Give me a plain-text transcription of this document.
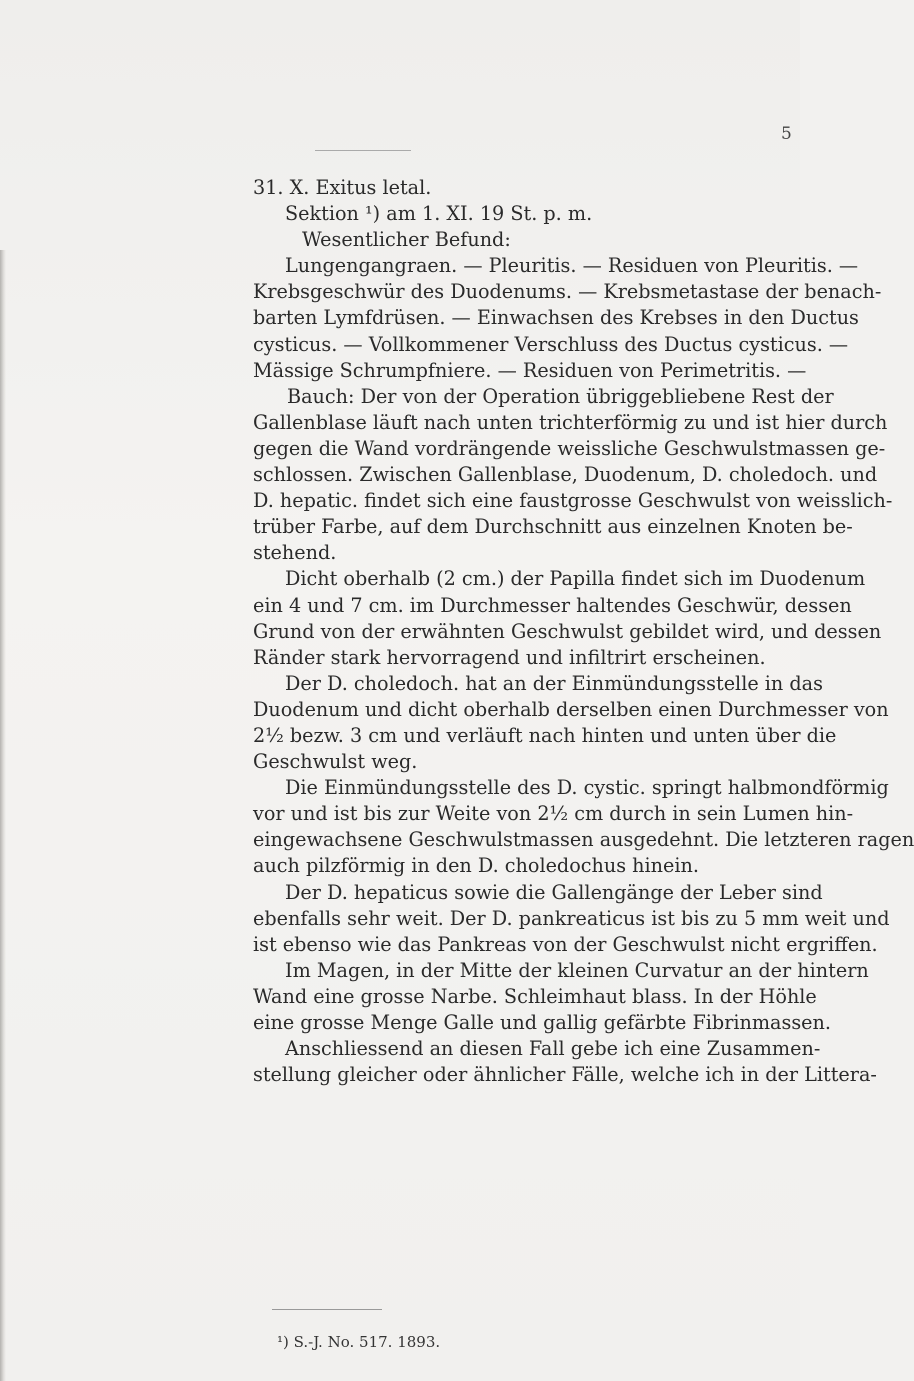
5
31. X. Exitus letal.
Sektion ¹) am 1. XI. 19 St. p. m.
Wesentlicher Befund:
Lungengangraen. — Pleuritis. — Residuen von Pleuritis. —
Krebsgeschwür des Duodenums. — Krebsmetastase der benach-
barten Lymfdrüsen. — Einwachsen des Krebses in den Ductus
cysticus. — Vollkommener Verschluss des Ductus cysticus. —
Mässige Schrumpfniere. — Residuen von Perimetritis. —
Bauch: Der von der Operation übriggebliebene Rest der
Gallenblase läuft nach unten trichterförmig zu und ist hier durch
gegen die Wand vordrängende weissliche Geschwulstmassen ge-
schlossen. Zwischen Gallenblase, Duodenum, D. choledoch. und
D. hepatic. findet sich eine faustgrosse Geschwulst von weisslich-
trüber Farbe, auf dem Durchschnitt aus einzelnen Knoten be-
stehend.
Dicht oberhalb (2 cm.) der Papilla findet sich im Duodenum
ein 4 und 7 cm. im Durchmesser haltendes Geschwür, dessen
Grund von der erwähnten Geschwulst gebildet wird, und dessen
Ränder stark hervorragend und infiltrirt erscheinen.
Der D. choledoch. hat an der Einmündungsstelle in das
Duodenum und dicht oberhalb derselben einen Durchmesser von
2½ bezw. 3 cm und verläuft nach hinten und unten über die
Geschwulst weg.
Die Einmündungsstelle des D. cystic. springt halbmondförmig
vor und ist bis zur Weite von 2½ cm durch in sein Lumen hin-
eingewachsene Geschwulstmassen ausgedehnt. Die letzteren ragen
auch pilzförmig in den D. choledochus hinein.
Der D. hepaticus sowie die Gallengänge der Leber sind
ebenfalls sehr weit. Der D. pankreaticus ist bis zu 5 mm weit und
ist ebenso wie das Pankreas von der Geschwulst nicht ergriffen.
Im Magen, in der Mitte der kleinen Curvatur an der hintern
Wand eine grosse Narbe. Schleimhaut blass. In der Höhle
eine grosse Menge Galle und gallig gefärbte Fibrinmassen.
Anschliessend an diesen Fall gebe ich eine Zusammen-
stellung gleicher oder ähnlicher Fälle, welche ich in der Littera-
¹) S.-J. No. 517. 1893.
